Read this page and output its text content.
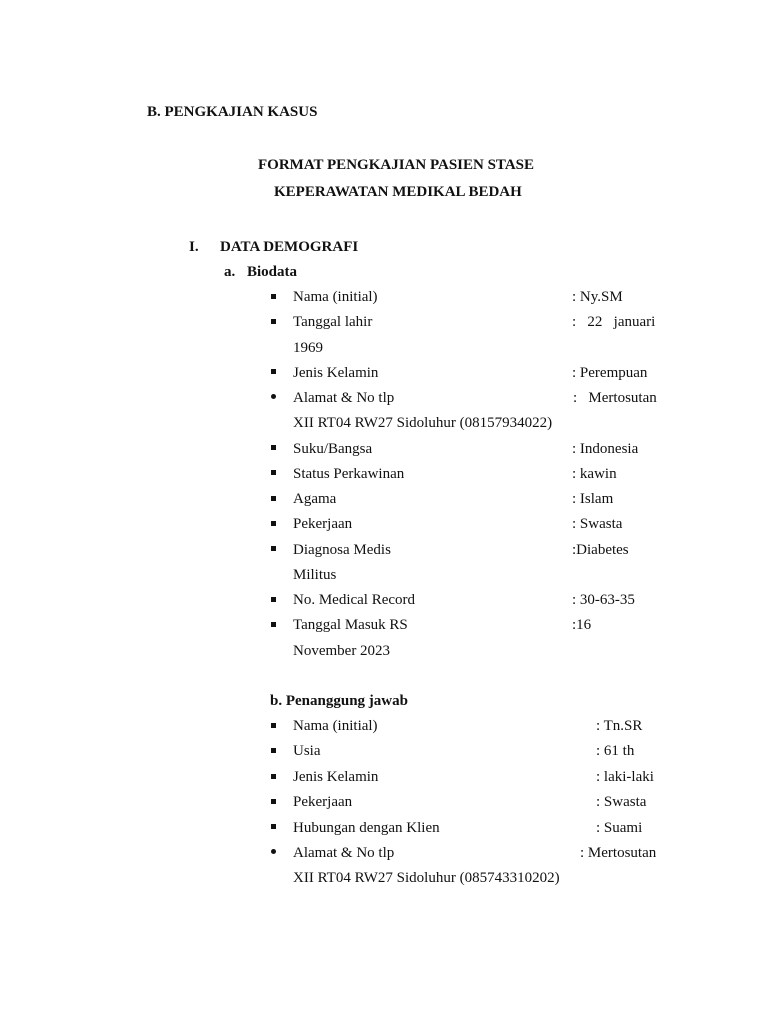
B. PENGKAJIAN KASUS
FORMAT PENGKAJIAN PASIEN STASE
KEPERAWATAN MEDIKAL BEDAH
I. DATA DEMOGRAFI
a. Biodata
Nama (initial)	: Ny.SM
Tanggal lahir	:   22   januari
1969
Jenis Kelamin	: Perempuan
Alamat & No tlp	:   Mertosutan
XII RT04 RW27 Sidoluhur (08157934022)
Suku/Bangsa	: Indonesia
Status Perkawinan	: kawin
Agama	: Islam
Pekerjaan	: Swasta
Diagnosa Medis	:Diabetes
Militus
No. Medical Record	: 30-63-35
Tanggal Masuk RS	:16
November 2023
b. Penanggung jawab
Nama (initial)	: Tn.SR
Usia	: 61 th
Jenis Kelamin	: laki-laki
Pekerjaan	: Swasta
Hubungan dengan Klien	: Suami
Alamat & No tlp	: Mertosutan
XII RT04 RW27 Sidoluhur (085743310202)
